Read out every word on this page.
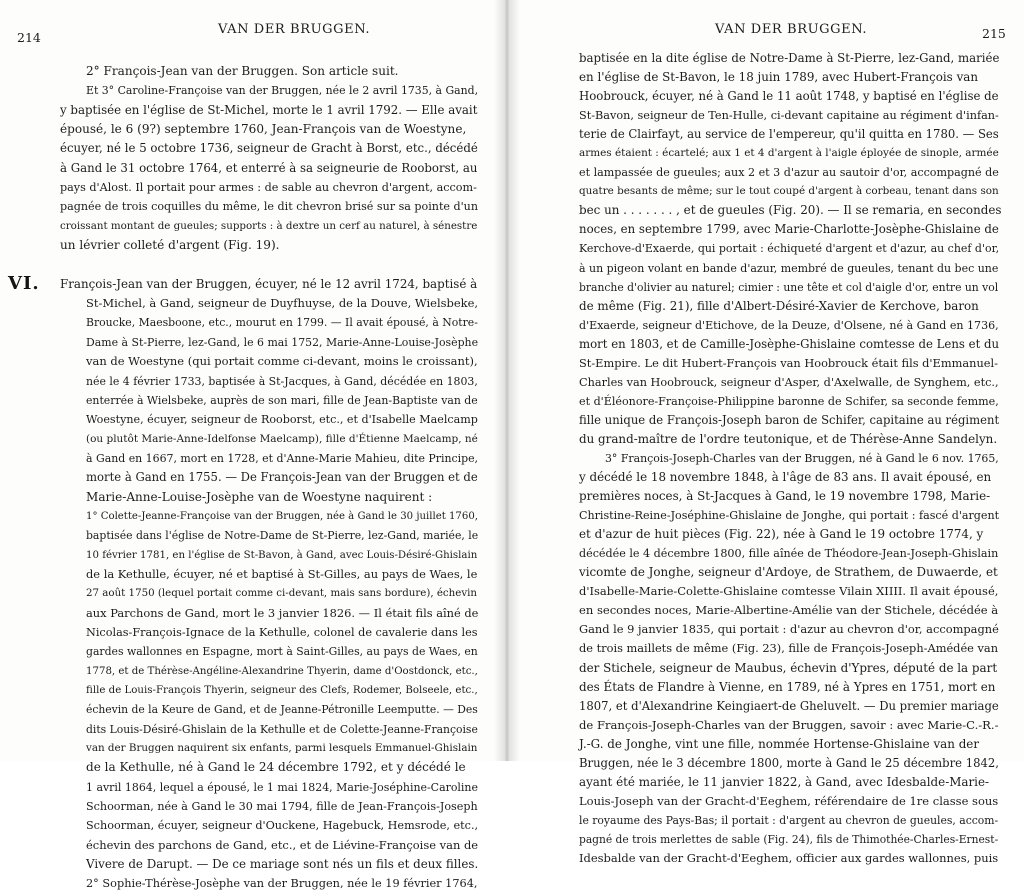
214
VAN DER BRUGGEN.
2° François-Jean van der Bruggen. Son article suit.
Et 3° Caroline-Françoise van der Bruggen, née le 2 avril 1735, à Gand,
y baptisée en l'église de St-Michel, morte le 1 avril 1792. — Elle avait
épousé, le 6 (9?) septembre 1760, Jean-François van de Woestyne,
écuyer, né le 5 octobre 1736, seigneur de Gracht à Borst, etc., décédé
à Gand le 31 octobre 1764, et enterré à sa seigneurie de Rooborst, au
pays d'Alost. Il portait pour armes : de sable au chevron d'argent, accom-
pagnée de trois coquilles du même, le dit chevron brisé sur sa pointe d'un
croissant montant de gueules; supports : à dextre un cerf au naturel, à sénestre
un lévrier colleté d'argent (Fig. 19).
François-Jean van der Bruggen, écuyer, né le 12 avril 1724, baptisé à
St-Michel, à Gand, seigneur de Duyfhuyse, de la Douve, Wielsbeke,
Broucke, Maesboone, etc., mourut en 1799. — Il avait épousé, à Notre-
Dame à St-Pierre, lez-Gand, le 6 mai 1752, Marie-Anne-Louise-Josèphe
van de Woestyne (qui portait comme ci-devant, moins le croissant),
née le 4 février 1733, baptisée à St-Jacques, à Gand, décédée en 1803,
enterrée à Wielsbeke, auprès de son mari, fille de Jean-Baptiste van de
Woestyne, écuyer, seigneur de Rooborst, etc., et d'Isabelle Maelcamp
(ou plutôt Marie-Anne-Idelfonse Maelcamp), fille d'Étienne Maelcamp, né
à Gand en 1667, mort en 1728, et d'Anne-Marie Mahieu, dite Principe,
morte à Gand en 1755. — De François-Jean van der Bruggen et de
Marie-Anne-Louise-Josèphe van de Woestyne naquirent :
1° Colette-Jeanne-Françoise van der Bruggen, née à Gand le 30 juillet 1760,
baptisée dans l'église de Notre-Dame de St-Pierre, lez-Gand, mariée, le
10 février 1781, en l'église de St-Bavon, à Gand, avec Louis-Désiré-Ghislain
de la Kethulle, écuyer, né et baptisé à St-Gilles, au pays de Waes, le
27 août 1750 (lequel portait comme ci-devant, mais sans bordure), échevin
aux Parchons de Gand, mort le 3 janvier 1826. — Il était fils aîné de
Nicolas-François-Ignace de la Kethulle, colonel de cavalerie dans les
gardes wallonnes en Espagne, mort à Saint-Gilles, au pays de Waes, en
1778, et de Thérèse-Angéline-Alexandrine Thyerin, dame d'Oostdonck, etc.,
fille de Louis-François Thyerin, seigneur des Clefs, Rodemer, Bolseele, etc.,
échevin de la Keure de Gand, et de Jeanne-Pétronille Leemputte. — Des
dits Louis-Désiré-Ghislain de la Kethulle et de Colette-Jeanne-Françoise
van der Bruggen naquirent six enfants, parmi lesquels Emmanuel-Ghislain
de la Kethulle, né à Gand le 24 décembre 1792, et y décédé le
1 avril 1864, lequel a épousé, le 1 mai 1824, Marie-Joséphine-Caroline
Schoorman, née à Gand le 30 mai 1794, fille de Jean-François-Joseph
Schoorman, écuyer, seigneur d'Ouckene, Hagebuck, Hemsrode, etc.,
échevin des parchons de Gand, etc., et de Liévine-Françoise van de
Vivere de Darupt. — De ce mariage sont nés un fils et deux filles.
2° Sophie-Thérèse-Josèphe van der Bruggen, née le 19 février 1764,
VI.
VAN DER BRUGGEN.	215
baptisée en la dite église de Notre-Dame à St-Pierre, lez-Gand, mariée
en l'église de St-Bavon, le 18 juin 1789, avec Hubert-François van
Hoobrouck, écuyer, né à Gand le 11 août 1748, y baptisé en l'église de
St-Bavon, seigneur de Ten-Hulle, ci-devant capitaine au régiment d'infan-
terie de Clairfayt, au service de l'empereur, qu'il quitta en 1780. — Ses
armes étaient : écartelé; aux 1 et 4 d'argent à l'aigle éployée de sinople, armée
et lampassée de gueules; aux 2 et 3 d'azur au sautoir d'or, accompagné de
quatre besants de même; sur le tout coupé d'argent à corbeau, tenant dans son
bec un . . . . . . . , et de gueules (Fig. 20). — Il se remaria, en secondes
noces, en septembre 1799, avec Marie-Charlotte-Josèphe-Ghislaine de
Kerchove-d'Exaerde, qui portait : échiqueté d'argent et d'azur, au chef d'or,
à un pigeon volant en bande d'azur, membré de gueules, tenant du bec une
branche d'olivier au naturel; cimier : une tête et col d'aigle d'or, entre un vol
de même (Fig. 21), fille d'Albert-Désiré-Xavier de Kerchove, baron
d'Exaerde, seigneur d'Etichove, de la Deuze, d'Olsene, né à Gand en 1736,
mort en 1803, et de Camille-Josèphe-Ghislaine comtesse de Lens et du
St-Empire. Le dit Hubert-François van Hoobrouck était fils d'Emmanuel-
Charles van Hoobrouck, seigneur d'Asper, d'Axelwalle, de Synghem, etc.,
et d'Éléonore-Françoise-Philippine baronne de Schifer, sa seconde femme,
fille unique de François-Joseph baron de Schifer, capitaine au régiment
du grand-maître de l'ordre teutonique, et de Thérèse-Anne Sandelyn.
3° François-Joseph-Charles van der Bruggen, né à Gand le 6 nov. 1765,
y décédé le 18 novembre 1848, à l'âge de 83 ans. Il avait épousé, en
premières noces, à St-Jacques à Gand, le 19 novembre 1798, Marie-
Christine-Reine-Joséphine-Ghislaine de Jonghe, qui portait : fascé d'argent
et d'azur de huit pièces (Fig. 22), née à Gand le 19 octobre 1774, y
décédée le 4 décembre 1800, fille aînée de Théodore-Jean-Joseph-Ghislain
vicomte de Jonghe, seigneur d'Ardoye, de Strathem, de Duwaerde, et
d'Isabelle-Marie-Colette-Ghislaine comtesse Vilain XIIII. Il avait épousé,
en secondes noces, Marie-Albertine-Amélie van der Stichele, décédée à
Gand le 9 janvier 1835, qui portait : d'azur au chevron d'or, accompagné
de trois maillets de même (Fig. 23), fille de François-Joseph-Amédée van
der Stichele, seigneur de Maubus, échevin d'Ypres, député de la part
des États de Flandre à Vienne, en 1789, né à Ypres en 1751, mort en
1807, et d'Alexandrine Keingiaert-de Gheluvelt. — Du premier mariage
de François-Joseph-Charles van der Bruggen, savoir : avec Marie-C.-R.-
J.-G. de Jonghe, vint une fille, nommée Hortense-Ghislaine van der
Bruggen, née le 3 décembre 1800, morte à Gand le 25 décembre 1842,
ayant été mariée, le 11 janvier 1822, à Gand, avec Idesbalde-Marie-
Louis-Joseph van der Gracht-d'Eeghem, référendaire de 1re classe sous
le royaume des Pays-Bas; il portait : d'argent au chevron de gueules, accom-
pagné de trois merlettes de sable (Fig. 24), fils de Thimothée-Charles-Ernest-
Idesbalde van der Gracht-d'Eeghem, officier aux gardes wallonnes, puis
